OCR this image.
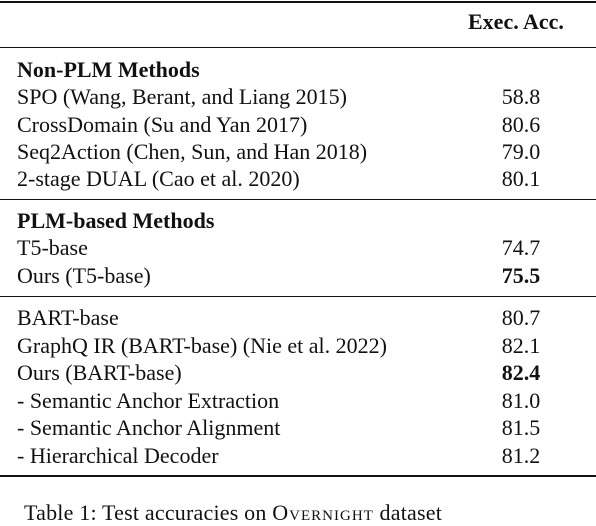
Exec. Acc.
Non-PLM Methods
SPO (Wang, Berant, and Liang 2015)	58.8
CrossDomain (Su and Yan 2017)	80.6
Seq2Action (Chen, Sun, and Han 2018)	79.0
2-stage DUAL (Cao et al. 2020)	80.1
PLM-based Methods
T5-base	74.7
Ours (T5-base)	75.5
BART-base	80.7
GraphQ IR (BART-base) (Nie et al. 2022)	82.1
Ours (BART-base)	82.4
- Semantic Anchor Extraction	81.0
- Semantic Anchor Alignment	81.5
- Hierarchical Decoder	81.2
Table 1: Test accuracies on Overnight dataset
